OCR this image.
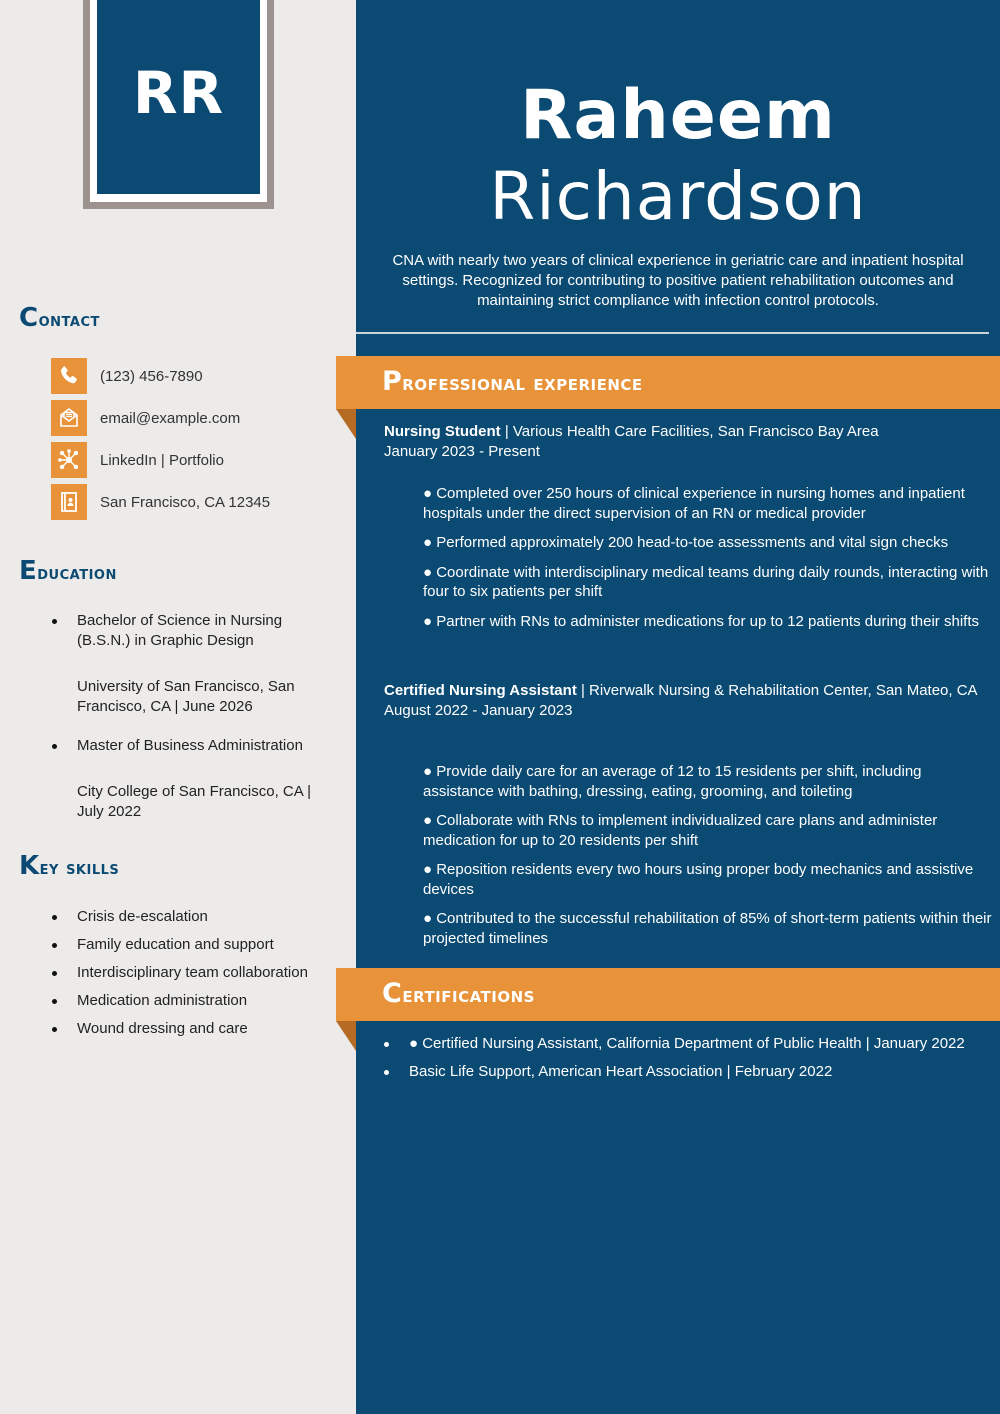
RR
Contact
(123) 456-7890
email@example.com
LinkedIn | Portfolio
San Francisco, CA 12345
Education
Bachelor of Science in Nursing (B.S.N.) in Graphic Design
University of San Francisco, San Francisco, CA | June 2026
Master of Business Administration
City College of San Francisco, CA | July 2022
Key skills
Crisis de-escalation
Family education and support
Interdisciplinary team collaboration
Medication administration
Wound dressing and care
Raheem
Richardson
CNA with nearly two years of clinical experience in geriatric care and inpatient hospital settings. Recognized for contributing to positive patient rehabilitation outcomes and maintaining strict compliance with infection control protocols.
Professional experience
Nursing Student | Various Health Care Facilities, San Francisco Bay Area
January 2023 - Present
● Completed over 250 hours of clinical experience in nursing homes and inpatient hospitals under the direct supervision of an RN or medical provider
● Performed approximately 200 head-to-toe assessments and vital sign checks
● Coordinate with interdisciplinary medical teams during daily rounds, interacting with four to six patients per shift
● Partner with RNs to administer medications for up to 12 patients during their shifts
Certified Nursing Assistant | Riverwalk Nursing & Rehabilitation Center, San Mateo, CA
August 2022 - January 2023
● Provide daily care for an average of 12 to 15 residents per shift, including assistance with bathing, dressing, eating, grooming, and toileting
● Collaborate with RNs to implement individualized care plans and administer medication for up to 20 residents per shift
● Reposition residents every two hours using proper body mechanics and assistive devices
● Contributed to the successful rehabilitation of 85% of short-term patients within their projected timelines
Certifications
● Certified Nursing Assistant, California Department of Public Health | January 2022
Basic Life Support, American Heart Association | February 2022
